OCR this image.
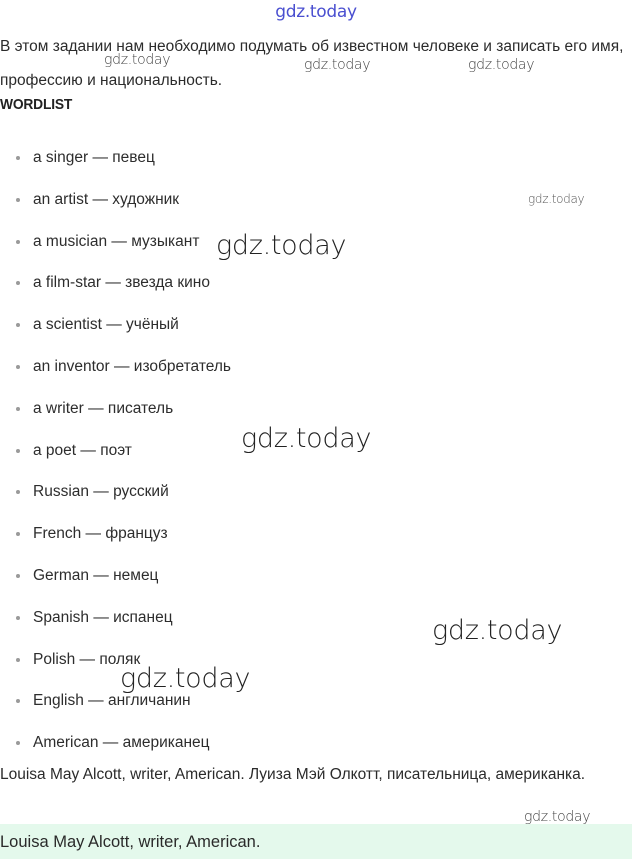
gdz.today

В этом задании нам необходимо подумать об известном человеке и записать его имя, профессию и национальность.

WORDLIST
a singer — певец
an artist — художник
a musician — музыкант
a film-star — звезда кино
a scientist — учёный
an inventor — изобретатель
a writer — писатель
a poet — поэт
Russian — русский
French — француз
German — немец
Spanish — испанец
Polish — поляк
English — англичанин
American — американец

Louisa May Alcott, writer, American. Луиза Мэй Олкотт, писательница, американка.

Louisa May Alcott, writer, American.
gdz.today	gdz.today	gdz.today
gdz.today
gdz.today
gdz.today
gdz.today
gdz.today
gdz.today
